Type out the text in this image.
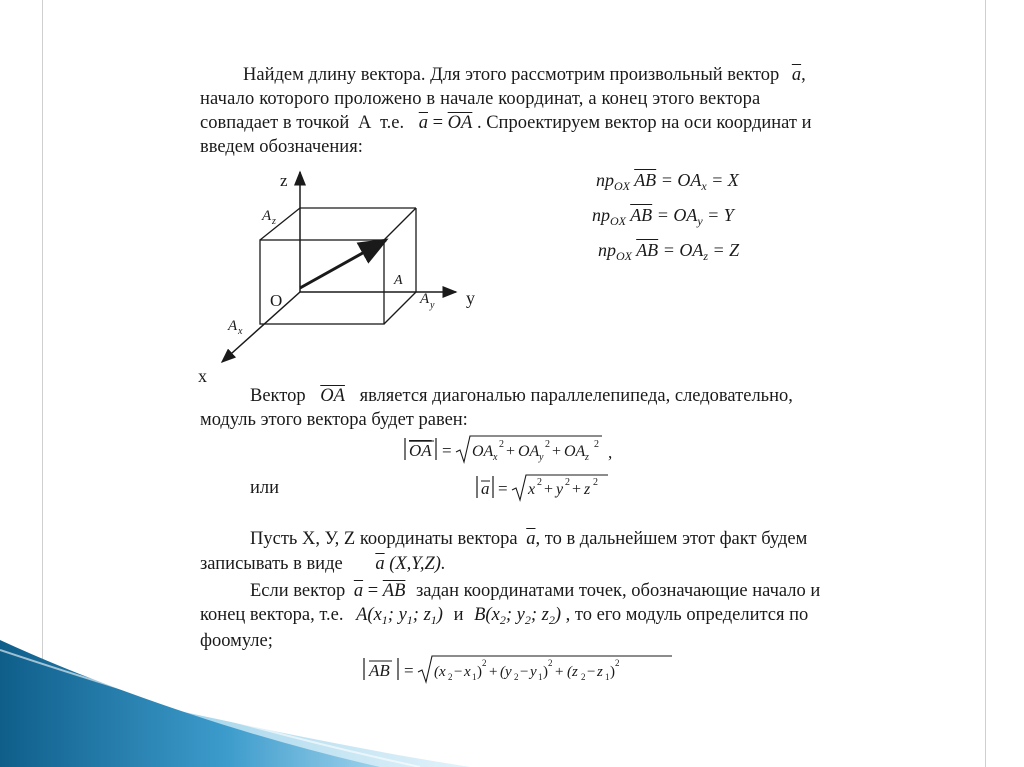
Найдем длину вектора. Для этого рассмотрим произвольный вектор $\overline{a}$,
начало которого проложено в начале координат, а конец этого вектора
совпадает в точкой А т.е. $\overline{a} = \overline{OA}$ . Спроектируем вектор на оси координат и
введем обозначения:
$пр_{OX}$ $\overline{AB} = OA_x = X$
$пр_{OX}$ $\overline{AB} = OA_y = Y$
$пр_{OX}$ $\overline{AB} = OA_z = Z$
z
y
x
O
A
A z
A y
A x
Вектор $\overline{OA}$ является диагональю параллелепипеда, следовательно,
модуль этого вектора будет равен:
OA = OA x
2 + OA y
2 + OA z
2 ,
или	a = x 2 + y 2 + z 2
Пусть X, У, Z координаты вектора $\overline{a}$, то в дальнейшем этот факт будем
записывать в виде $\overline{a}$ (X,Y,Z).
Если вектор $\overline{a} = \overline{AB}$ задан координатами точек, обозначающие начало и
конец вектора, т.е. $A(x_1$; $y_1$; $z_1$) и $B(x_2$; $y_2$; $z_2$) , то его модуль определится по
фоомуле;
AB = (x 2 − x 1 )
2
+ (y 2 − y 1 )
2
+ (z 2 − z 1 )
2
